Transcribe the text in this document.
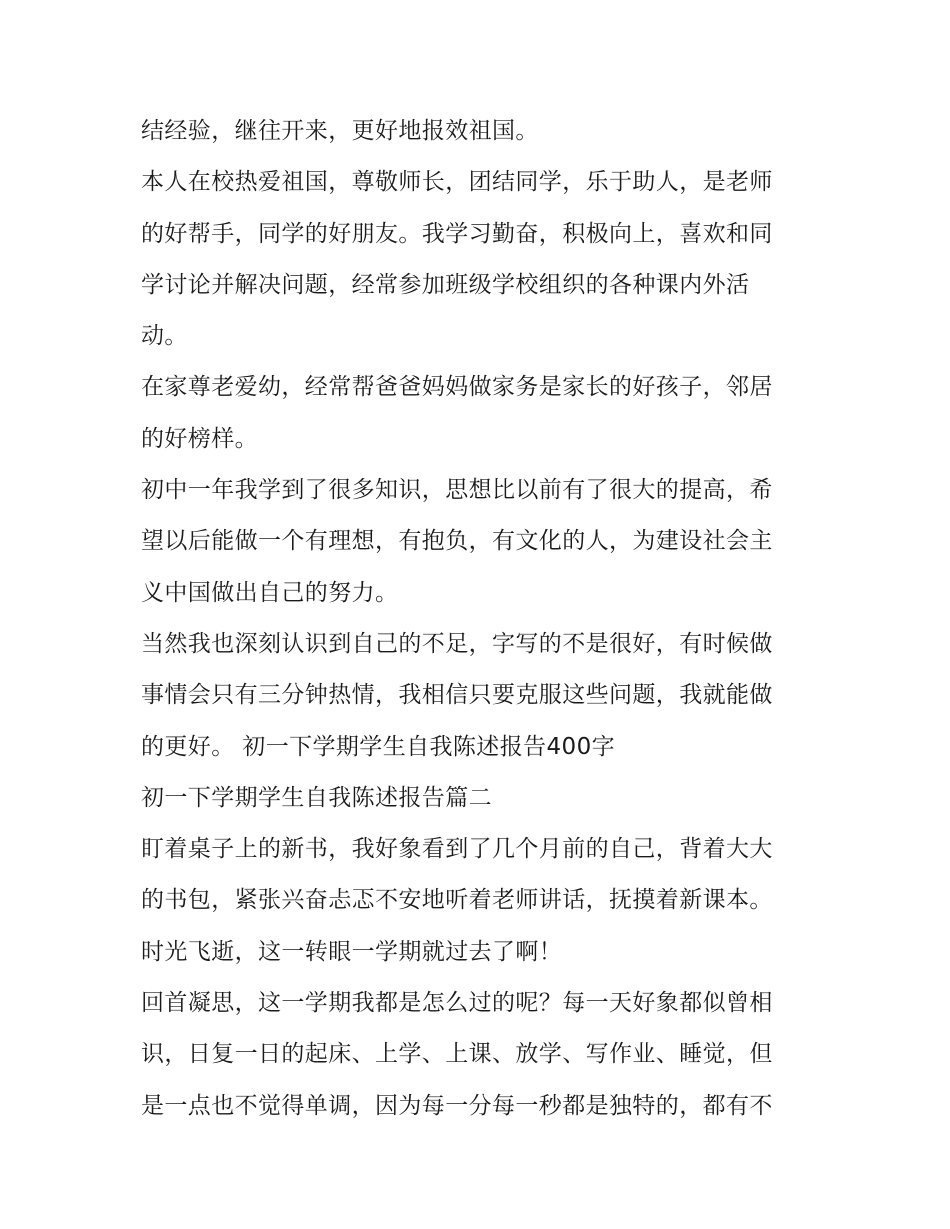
结经验，继往开来，更好地报效祖国。
本人在校热爱祖国，尊敬师长，团结同学，乐于助人，是老师
的好帮手，同学的好朋友。我学习勤奋，积极向上，喜欢和同
学讨论并解决问题，经常参加班级学校组织的各种课内外活
动。
在家尊老爱幼，经常帮爸爸妈妈做家务是家长的好孩子，邻居
的好榜样。
初中一年我学到了很多知识，思想比以前有了很大的提高，希
望以后能做一个有理想，有抱负，有文化的人，为建设社会主
义中国做出自己的努力。
当然我也深刻认识到自己的不足，字写的不是很好，有时候做
事情会只有三分钟热情，我相信只要克服这些问题，我就能做
的更好。 初一下学期学生自我陈述报告400字
初一下学期学生自我陈述报告篇二
盯着桌子上的新书，我好象看到了几个月前的自己，背着大大
的书包，紧张兴奋忐忑不安地听着老师讲话，抚摸着新课本。
时光飞逝，这一转眼一学期就过去了啊！
回首凝思，这一学期我都是怎么过的呢？每一天好象都似曾相
识，日复一日的起床、上学、上课、放学、写作业、睡觉，但
是一点也不觉得单调，因为每一分每一秒都是独特的，都有不
